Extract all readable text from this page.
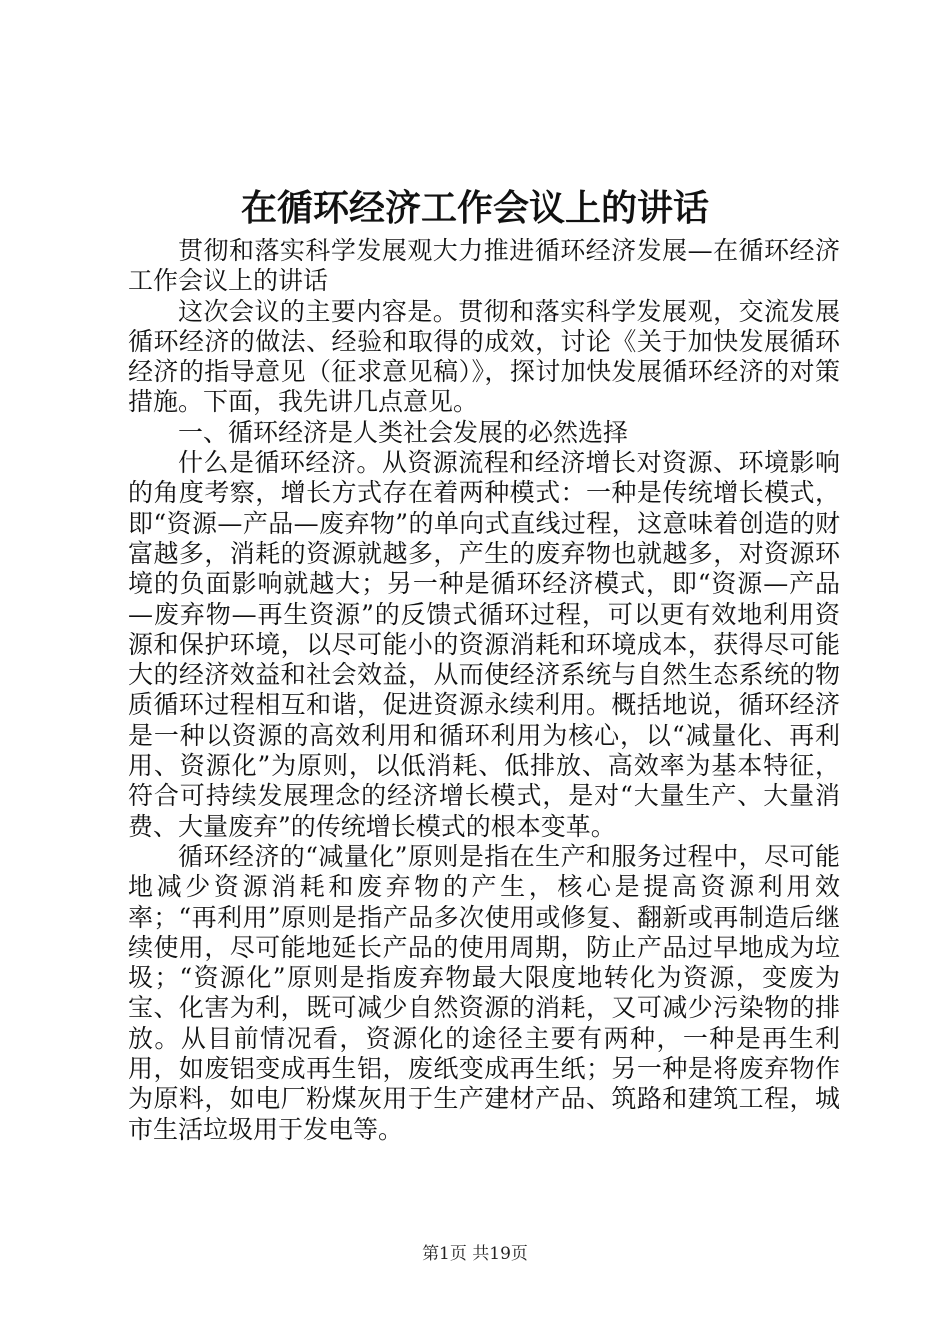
在循环经济工作会议上的讲话

贯彻和落实科学发展观大力推进循环经济发展—在循环经济工作会议上的讲话

这次会议的主要内容是。贯彻和落实科学发展观，交流发展循环经济的做法、经验和取得的成效，讨论《关于加快发展循环经济的指导意见（征求意见稿）》，探讨加快发展循环经济的对策措施。下面，我先讲几点意见。

一、循环经济是人类社会发展的必然选择

什么是循环经济。从资源流程和经济增长对资源、环境影响的角度考察，增长方式存在着两种模式：一种是传统增长模式，即“资源—产品—废弃物”的单向式直线过程，这意味着创造的财富越多，消耗的资源就越多，产生的废弃物也就越多，对资源环境的负面影响就越大；另一种是循环经济模式，即“资源—产品—废弃物—再生资源”的反馈式循环过程，可以更有效地利用资源和保护环境，以尽可能小的资源消耗和环境成本，获得尽可能大的经济效益和社会效益，从而使经济系统与自然生态系统的物质循环过程相互和谐，促进资源永续利用。概括地说，循环经济是一种以资源的高效利用和循环利用为核心，以“减量化、再利用、资源化”为原则，以低消耗、低排放、高效率为基本特征，符合可持续发展理念的经济增长模式，是对“大量生产、大量消费、大量废弃”的传统增长模式的根本变革。

循环经济的“减量化”原则是指在生产和服务过程中，尽可能地减少资源消耗和废弃物的产生，核心是提高资源利用效率；“再利用”原则是指产品多次使用或修复、翻新或再制造后继续使用，尽可能地延长产品的使用周期，防止产品过早地成为垃圾；“资源化”原则是指废弃物最大限度地转化为资源，变废为宝、化害为利，既可减少自然资源的消耗，又可减少污染物的排放。从目前情况看，资源化的途径主要有两种，一种是再生利用，如废铝变成再生铝，废纸变成再生纸；另一种是将废弃物作为原料，如电厂粉煤灰用于生产建材产品、筑路和建筑工程，城市生活垃圾用于发电等。

第1页 共19页
